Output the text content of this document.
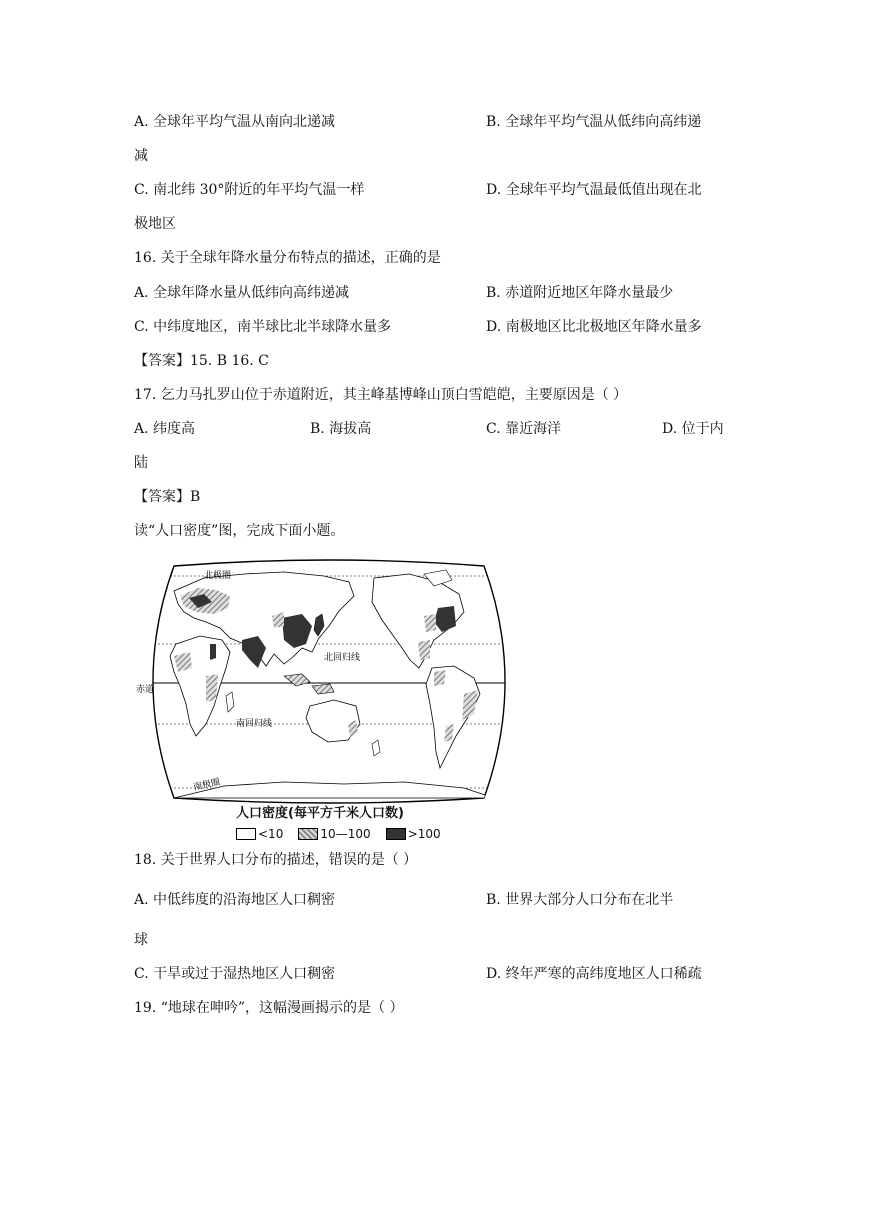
A. 全球年平均气温从南向北递减	B. 全球年平均气温从低纬向高纬递
减
C. 南北纬 30°附近的年平均气温一样	D. 全球年平均气温最低值出现在北
极地区
16. 关于全球年降水量分布特点的描述，正确的是
A. 全球年降水量从低纬向高纬递减	B. 赤道附近地区年降水量最少
C. 中纬度地区，南半球比北半球降水量多	D. 南极地区比北极地区年降水量多
【答案】15. B 16. C
17. 乞力马扎罗山位于赤道附近，其主峰基博峰山顶白雪皑皑，主要原因是（ ）
A. 纬度高	B. 海拔高	C. 靠近海洋	D. 位于内
陆
【答案】B
读“人口密度”图，完成下面小题。
北极圈
北回归线
赤道
南回归线
南极圈
人口密度(每平方千米人口数)
<10	10—100	>100
18. 关于世界人口分布的描述，错误的是（ ）
A. 中低纬度的沿海地区人口稠密	B. 世界大部分人口分布在北半
球
C. 干旱或过于湿热地区人口稠密	D. 终年严寒的高纬度地区人口稀疏
19. “地球在呻吟”，这幅漫画揭示的是（ ）
